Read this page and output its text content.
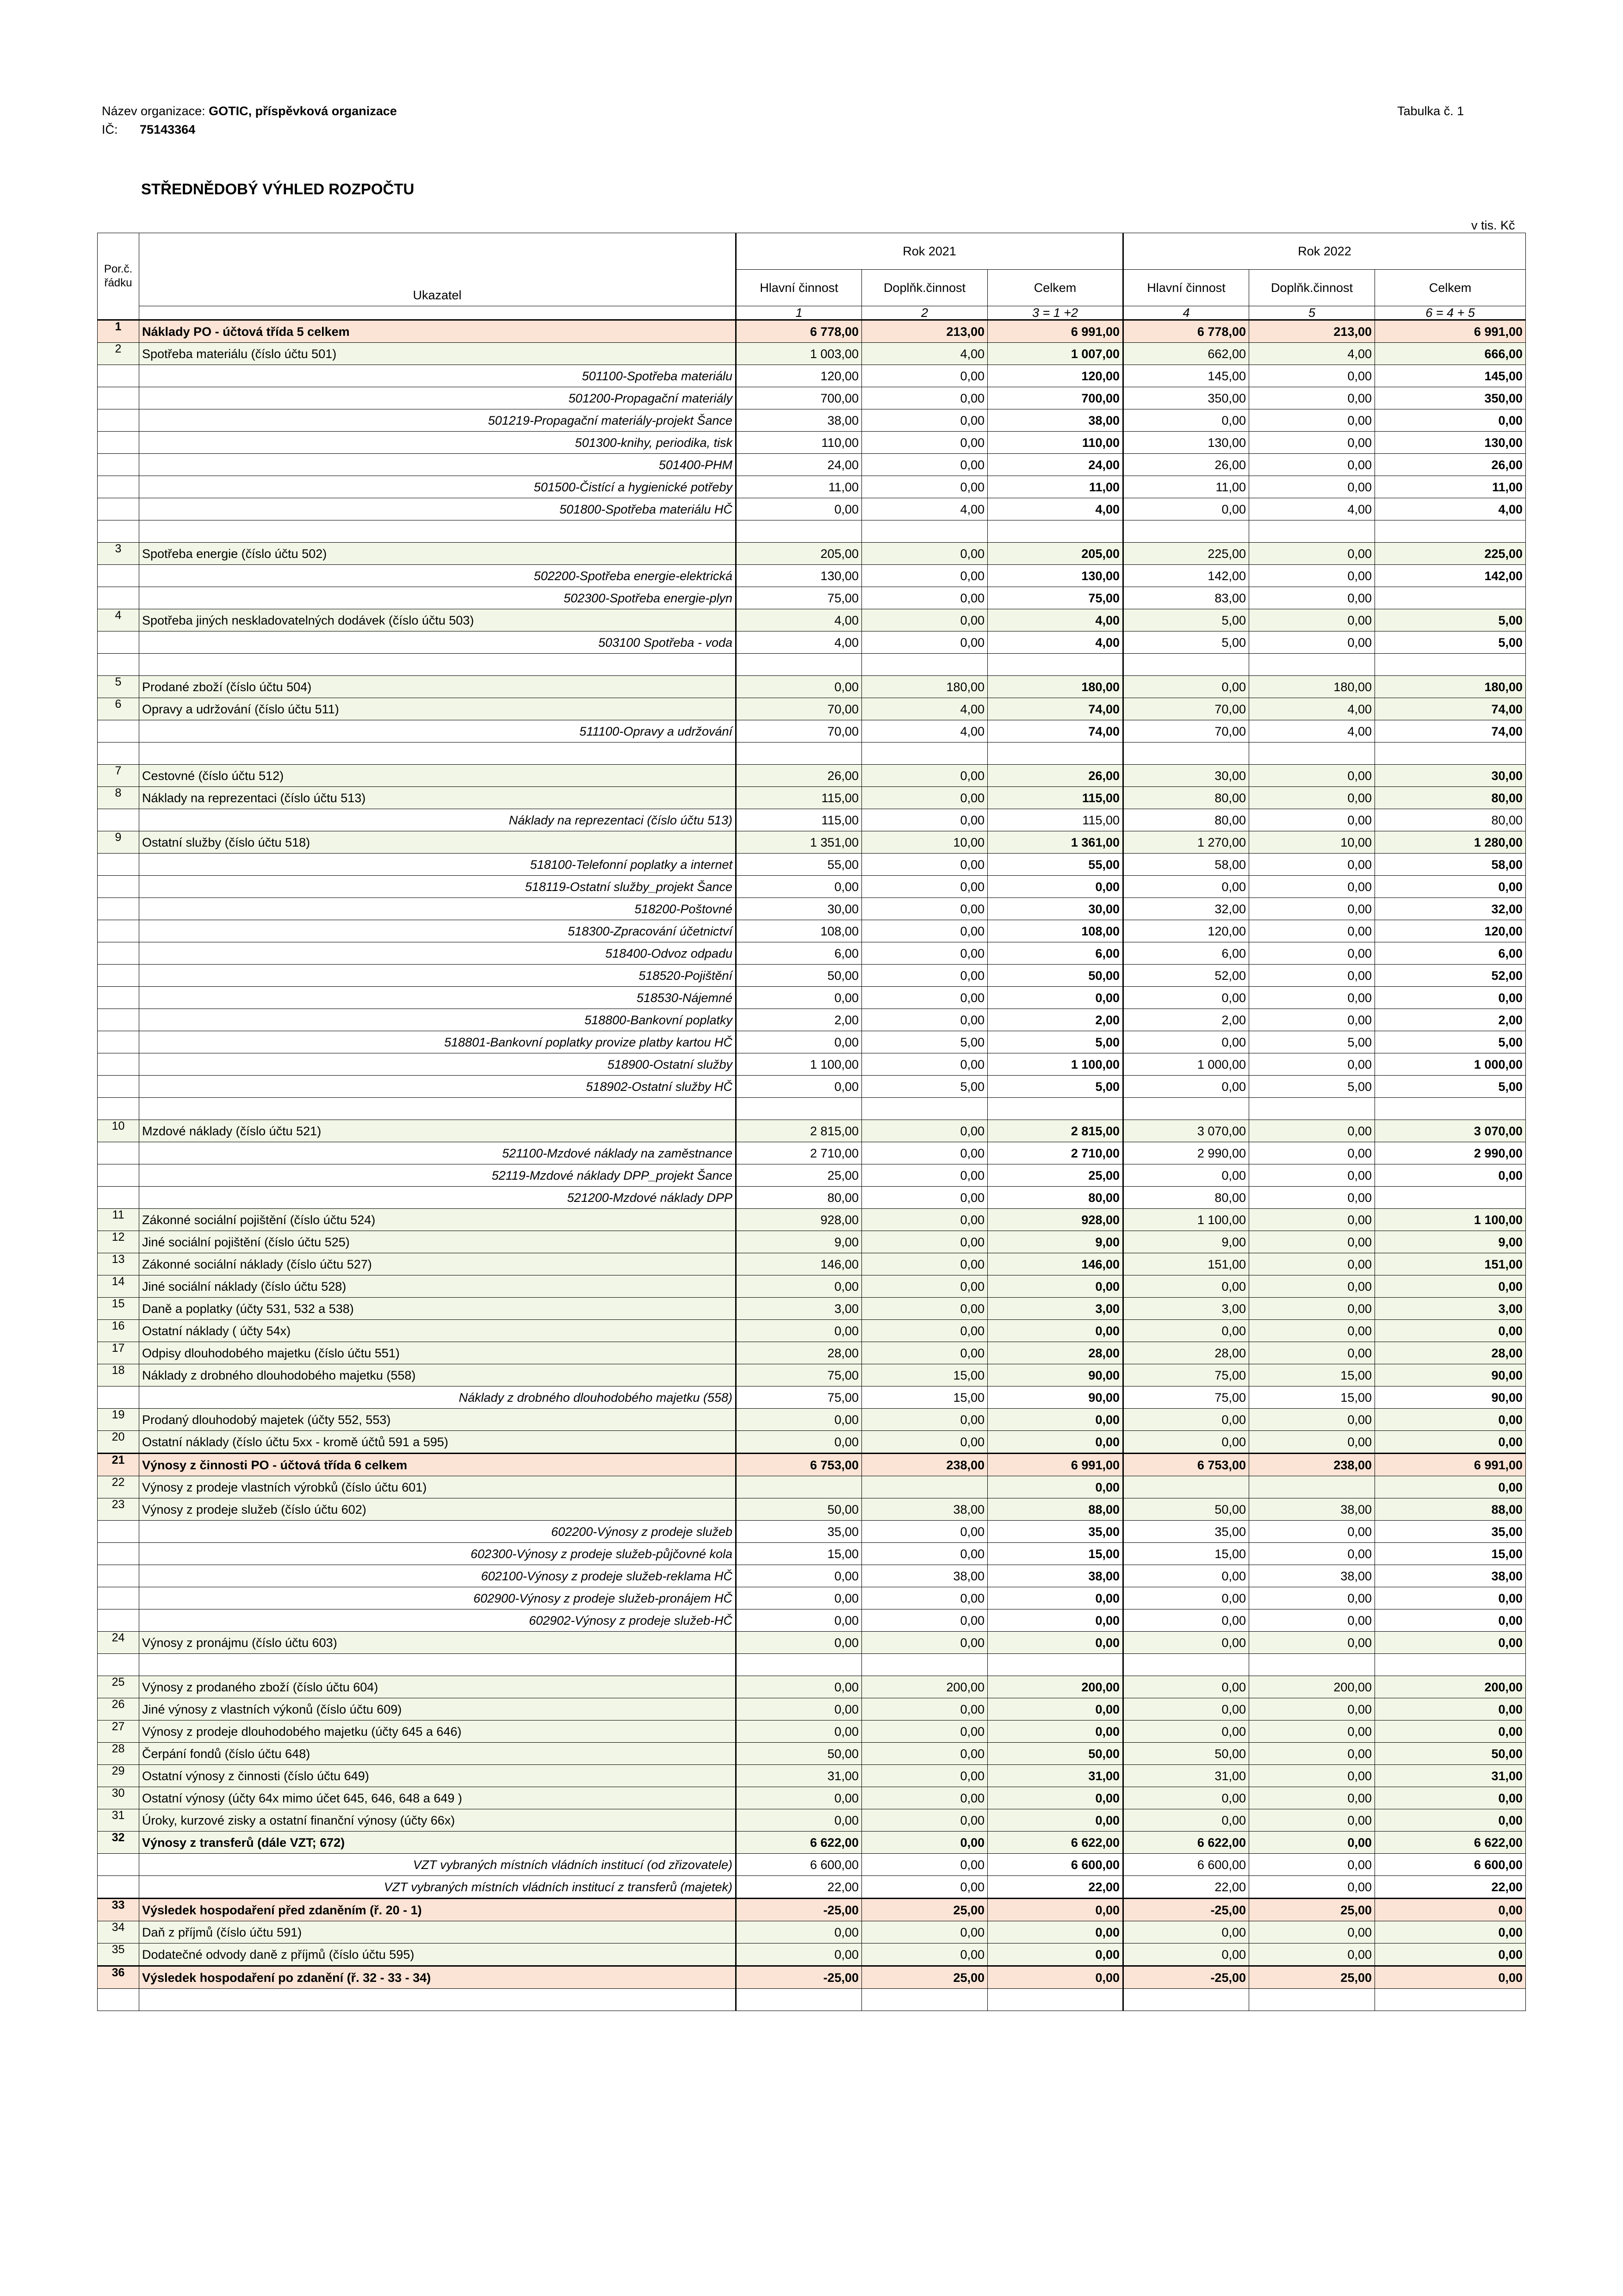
Název organizace: GOTIC, příspěvková organizace
IČ: 75143364
Tabulka č. 1
STŘEDNĚDOBÝ VÝHLED ROZPOČTU
v tis. Kč
Por.č. řádku	Ukazatel	Rok 2021			Rok 2022		
		Hlavní činnost	Doplňk.činnost	Celkem	Hlavní činnost	Doplňk.činnost	Celkem
		1	2	3 = 1 +2	4	5	6 = 4 + 5
1	Náklady PO - účtová třída 5 celkem	6 778,00	213,00	6 991,00	6 778,00	213,00	6 991,00
2	Spotřeba materiálu (číslo účtu 501)	1 003,00	4,00	1 007,00	662,00	4,00	666,00
	501100-Spotřeba materiálu	120,00	0,00	120,00	145,00	0,00	145,00
	501200-Propagační materiály	700,00	0,00	700,00	350,00	0,00	350,00
	501219-Propagační materiály-projekt Šance	38,00	0,00	38,00	0,00	0,00	0,00
	501300-knihy, periodika, tisk	110,00	0,00	110,00	130,00	0,00	130,00
	501400-PHM	24,00	0,00	24,00	26,00	0,00	26,00
	501500-Čistící a hygienické potřeby	11,00	0,00	11,00	11,00	0,00	11,00
	501800-Spotřeba materiálu HČ	0,00	4,00	4,00	0,00	4,00	4,00

3	Spotřeba energie (číslo účtu 502)	205,00	0,00	205,00	225,00	0,00	225,00
	502200-Spotřeba energie-elektrická	130,00	0,00	130,00	142,00	0,00	142,00
	502300-Spotřeba energie-plyn	75,00	0,00	75,00	83,00	0,00	
4	Spotřeba jiných neskladovatelných dodávek (číslo účtu 503)	4,00	0,00	4,00	5,00	0,00	5,00
	503100 Spotřeba - voda	4,00	0,00	4,00	5,00	0,00	5,00

5	Prodané zboží (číslo účtu 504)	0,00	180,00	180,00	0,00	180,00	180,00
6	Opravy a udržování (číslo účtu 511)	70,00	4,00	74,00	70,00	4,00	74,00
	511100-Opravy a udržování	70,00	4,00	74,00	70,00	4,00	74,00

7	Cestovné (číslo účtu 512)	26,00	0,00	26,00	30,00	0,00	30,00
8	Náklady na reprezentaci (číslo účtu 513)	115,00	0,00	115,00	80,00	0,00	80,00
	Náklady na reprezentaci (číslo účtu 513)	115,00	0,00	115,00	80,00	0,00	80,00
9	Ostatní služby (číslo účtu 518)	1 351,00	10,00	1 361,00	1 270,00	10,00	1 280,00
	518100-Telefonní poplatky a internet	55,00	0,00	55,00	58,00	0,00	58,00
	518119-Ostatní služby_projekt Šance	0,00	0,00	0,00	0,00	0,00	0,00
	518200-Poštovné	30,00	0,00	30,00	32,00	0,00	32,00
	518300-Zpracování účetnictví	108,00	0,00	108,00	120,00	0,00	120,00
	518400-Odvoz odpadu	6,00	0,00	6,00	6,00	0,00	6,00
	518520-Pojištění	50,00	0,00	50,00	52,00	0,00	52,00
	518530-Nájemné	0,00	0,00	0,00	0,00	0,00	0,00
	518800-Bankovní poplatky	2,00	0,00	2,00	2,00	0,00	2,00
	518801-Bankovní poplatky provize platby kartou HČ	0,00	5,00	5,00	0,00	5,00	5,00
	518900-Ostatní služby	1 100,00	0,00	1 100,00	1 000,00	0,00	1 000,00
	518902-Ostatní služby HČ	0,00	5,00	5,00	0,00	5,00	5,00

10	Mzdové náklady (číslo účtu 521)	2 815,00	0,00	2 815,00	3 070,00	0,00	3 070,00
	521100-Mzdové náklady na zaměstnance	2 710,00	0,00	2 710,00	2 990,00	0,00	2 990,00
	52119-Mzdové náklady DPP_projekt Šance	25,00	0,00	25,00	0,00	0,00	0,00
	521200-Mzdové náklady DPP	80,00	0,00	80,00	80,00	0,00	
11	Zákonné sociální pojištění (číslo účtu 524)	928,00	0,00	928,00	1 100,00	0,00	1 100,00
12	Jiné sociální pojištění (číslo účtu 525)	9,00	0,00	9,00	9,00	0,00	9,00
13	Zákonné sociální náklady (číslo účtu 527)	146,00	0,00	146,00	151,00	0,00	151,00
14	Jiné sociální náklady (číslo účtu 528)	0,00	0,00	0,00	0,00	0,00	0,00
15	Daně a poplatky (účty 531, 532 a 538)	3,00	0,00	3,00	3,00	0,00	3,00
16	Ostatní náklady ( účty 54x)	0,00	0,00	0,00	0,00	0,00	0,00
17	Odpisy dlouhodobého majetku (číslo účtu 551)	28,00	0,00	28,00	28,00	0,00	28,00
18	Náklady z drobného dlouhodobého majetku (558)	75,00	15,00	90,00	75,00	15,00	90,00
	Náklady z drobného dlouhodobého majetku (558)	75,00	15,00	90,00	75,00	15,00	90,00
19	Prodaný dlouhodobý majetek (účty 552, 553)	0,00	0,00	0,00	0,00	0,00	0,00
20	Ostatní náklady (číslo účtu 5xx - kromě účtů 591 a 595)	0,00	0,00	0,00	0,00	0,00	0,00
21	Výnosy z činnosti PO - účtová třída 6 celkem	6 753,00	238,00	6 991,00	6 753,00	238,00	6 991,00
22	Výnosy z prodeje vlastních výrobků (číslo účtu 601)			0,00			0,00
23	Výnosy z prodeje služeb (číslo účtu 602)	50,00	38,00	88,00	50,00	38,00	88,00
	602200-Výnosy z prodeje služeb	35,00	0,00	35,00	35,00	0,00	35,00
	602300-Výnosy z prodeje služeb-půjčovné kola	15,00	0,00	15,00	15,00	0,00	15,00
	602100-Výnosy z prodeje služeb-reklama HČ	0,00	38,00	38,00	0,00	38,00	38,00
	602900-Výnosy z prodeje služeb-pronájem HČ	0,00	0,00	0,00	0,00	0,00	0,00
	602902-Výnosy z prodeje služeb-HČ	0,00	0,00	0,00	0,00	0,00	0,00
24	Výnosy z pronájmu (číslo účtu 603)	0,00	0,00	0,00	0,00	0,00	0,00

25	Výnosy z prodaného zboží (číslo účtu 604)	0,00	200,00	200,00	0,00	200,00	200,00
26	Jiné výnosy z vlastních výkonů (číslo účtu 609)	0,00	0,00	0,00	0,00	0,00	0,00
27	Výnosy z prodeje dlouhodobého majetku (účty 645 a 646)	0,00	0,00	0,00	0,00	0,00	0,00
28	Čerpání fondů (číslo účtu 648)	50,00	0,00	50,00	50,00	0,00	50,00
29	Ostatní výnosy z činnosti (číslo účtu 649)	31,00	0,00	31,00	31,00	0,00	31,00
30	Ostatní výnosy (účty 64x mimo účet 645, 646, 648 a 649 )	0,00	0,00	0,00	0,00	0,00	0,00
31	Úroky, kurzové zisky a ostatní finanční výnosy (účty 66x)	0,00	0,00	0,00	0,00	0,00	0,00
32	Výnosy z transferů (dále VZT; 672)	6 622,00	0,00	6 622,00	6 622,00	0,00	6 622,00
	VZT vybraných místních vládních institucí (od zřizovatele)	6 600,00	0,00	6 600,00	6 600,00	0,00	6 600,00
	VZT vybraných místních vládních institucí z transferů (majetek)	22,00	0,00	22,00	22,00	0,00	22,00
33	Výsledek hospodaření před zdaněním (ř. 20 - 1)	-25,00	25,00	0,00	-25,00	25,00	0,00
34	Daň z příjmů (číslo účtu 591)	0,00	0,00	0,00	0,00	0,00	0,00
35	Dodatečné odvody daně z příjmů (číslo účtu 595)	0,00	0,00	0,00	0,00	0,00	0,00
36	Výsledek hospodaření po zdanění (ř. 32 - 33 - 34)	-25,00	25,00	0,00	-25,00	25,00	0,00
